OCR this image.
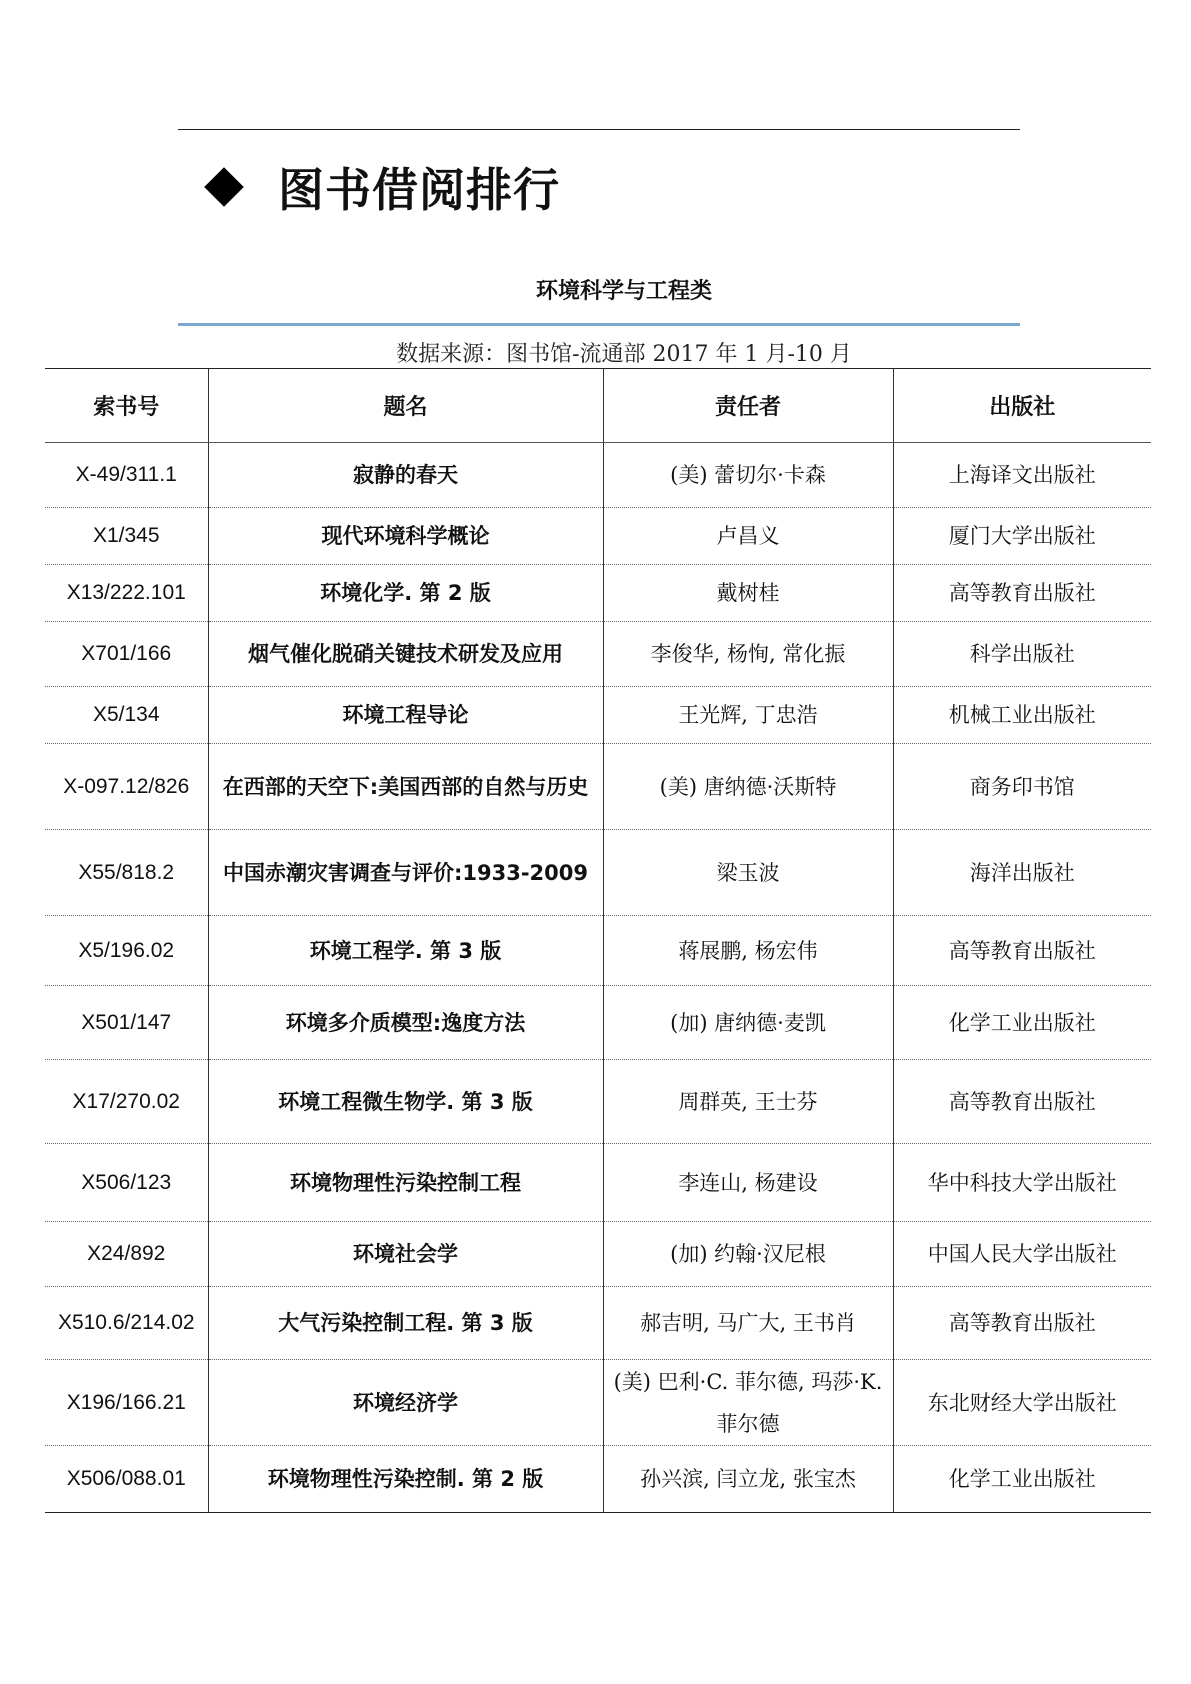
图书借阅排行
环境科学与工程类
数据来源：图书馆-流通部 2017 年 1 月-10 月
索书号	题名	责任者	出版社
X-49/311.1	寂静的春天	(美) 蕾切尔·卡森	上海译文出版社
X1/345	现代环境科学概论	卢昌义	厦门大学出版社
X13/222.101	环境化学. 第 2 版	戴树桂	高等教育出版社
X701/166	烟气催化脱硝关键技术研发及应用	李俊华, 杨恂, 常化振	科学出版社
X5/134	环境工程导论	王光辉, 丁忠浩	机械工业出版社
X-097.12/826	在西部的天空下:美国西部的自然与历史	(美) 唐纳德·沃斯特	商务印书馆
X55/818.2	中国赤潮灾害调查与评价:1933-2009	梁玉波	海洋出版社
X5/196.02	环境工程学. 第 3 版	蒋展鹏, 杨宏伟	高等教育出版社
X501/147	环境多介质模型:逸度方法	(加) 唐纳德·麦凯	化学工业出版社
X17/270.02	环境工程微生物学. 第 3 版	周群英, 王士芬	高等教育出版社
X506/123	环境物理性污染控制工程	李连山, 杨建设	华中科技大学出版社
X24/892	环境社会学	(加) 约翰·汉尼根	中国人民大学出版社
X510.6/214.02	大气污染控制工程. 第 3 版	郝吉明, 马广大, 王书肖	高等教育出版社
X196/166.21	环境经济学	(美) 巴利·C. 菲尔德, 玛莎·K. 菲尔德	东北财经大学出版社
X506/088.01	环境物理性污染控制. 第 2 版	孙兴滨, 闫立龙, 张宝杰	化学工业出版社
